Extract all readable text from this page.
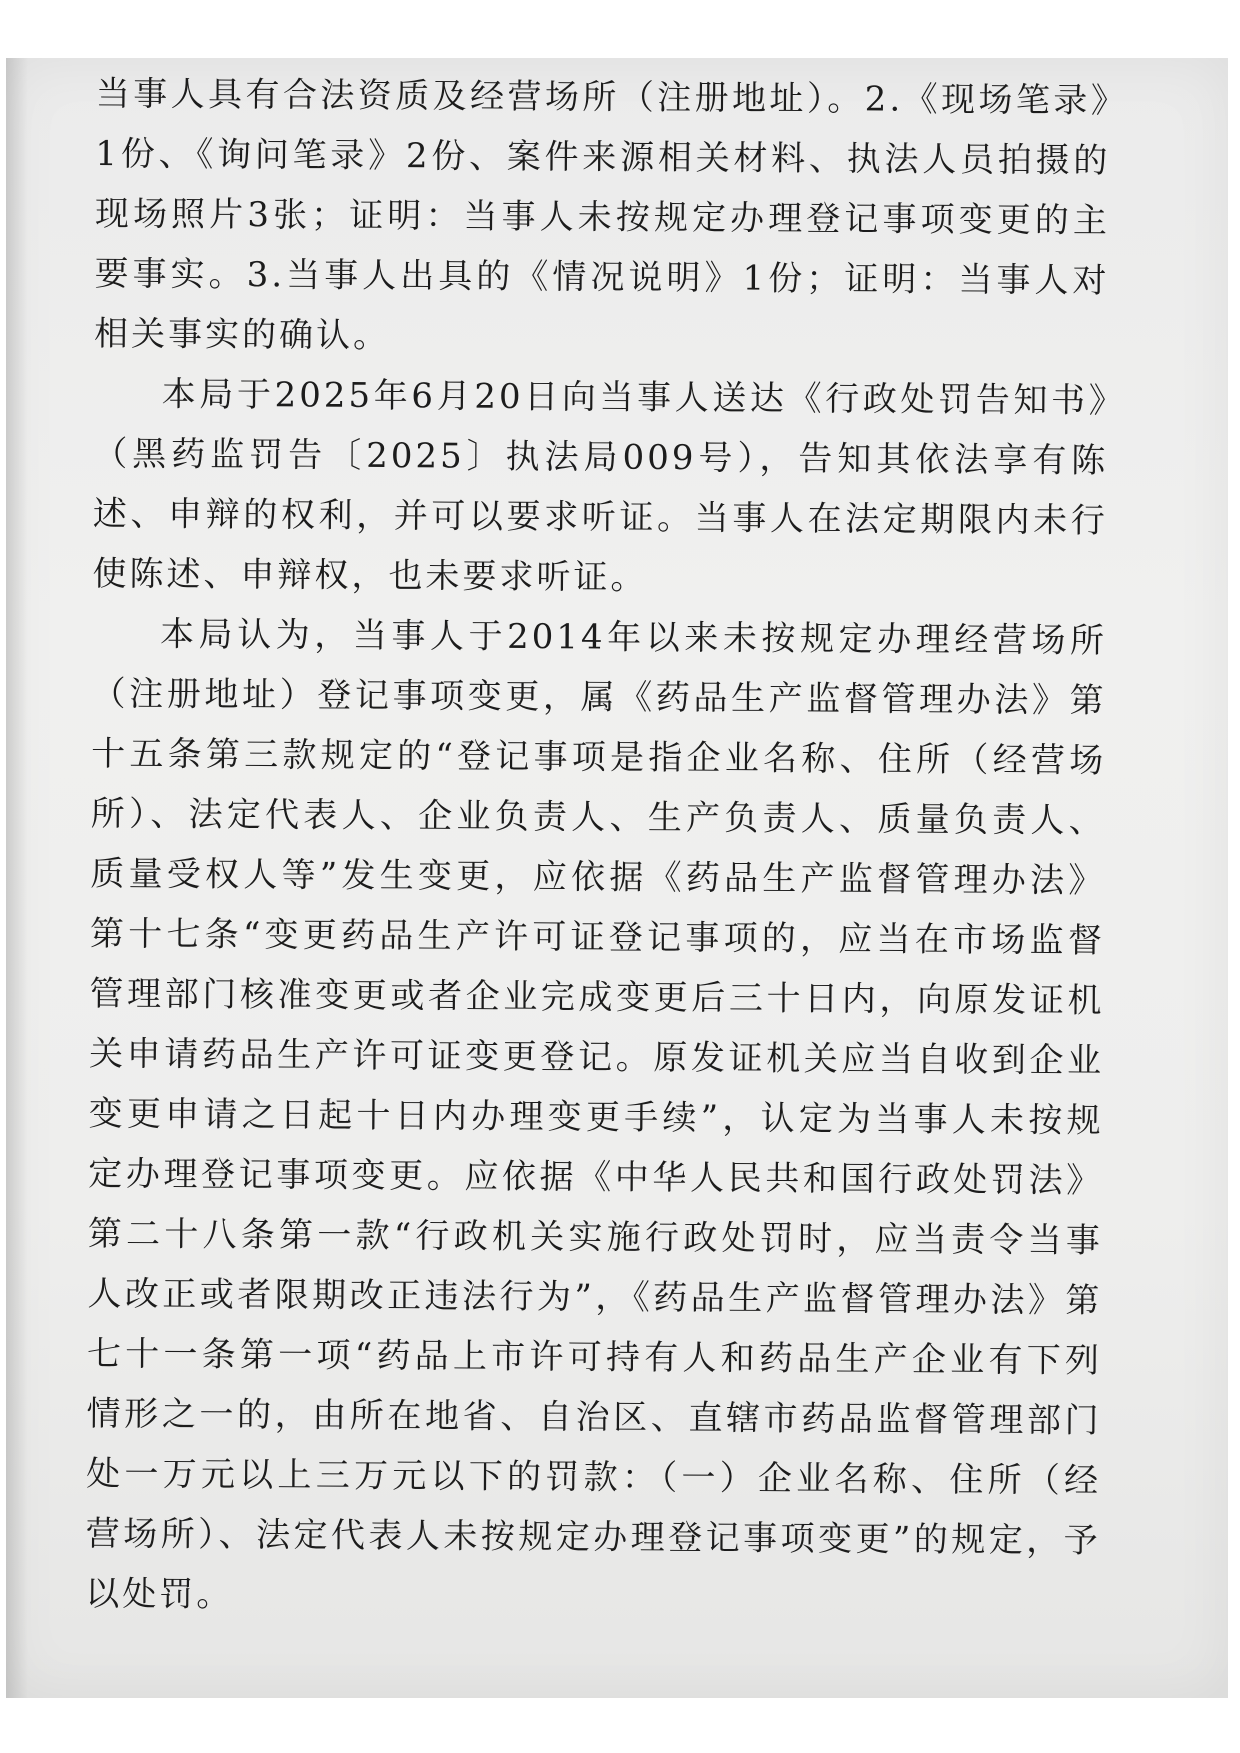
当事人具有合法资质及经营场所（注册地址）。2.《现场笔录》1份、《询问笔录》2份、案件来源相关材料、执法人员拍摄的现场照片3张；证明：当事人未按规定办理登记事项变更的主要事实。3.当事人出具的《情况说明》1份；证明：当事人对相关事实的确认。

本局于2025年6月20日向当事人送达《行政处罚告知书》（黑药监罚告〔2025〕执法局009号），告知其依法享有陈述、申辩的权利，并可以要求听证。当事人在法定期限内未行使陈述、申辩权，也未要求听证。

本局认为，当事人于2014年以来未按规定办理经营场所（注册地址）登记事项变更，属《药品生产监督管理办法》第十五条第三款规定的“登记事项是指企业名称、住所（经营场所）、法定代表人、企业负责人、生产负责人、质量负责人、质量受权人等”发生变更，应依据《药品生产监督管理办法》第十七条“变更药品生产许可证登记事项的，应当在市场监督管理部门核准变更或者企业完成变更后三十日内，向原发证机关申请药品生产许可证变更登记。原发证机关应当自收到企业变更申请之日起十日内办理变更手续”，认定为当事人未按规定办理登记事项变更。应依据《中华人民共和国行政处罚法》第二十八条第一款“行政机关实施行政处罚时，应当责令当事人改正或者限期改正违法行为”，《药品生产监督管理办法》第七十一条第一项“药品上市许可持有人和药品生产企业有下列情形之一的，由所在地省、自治区、直辖市药品监督管理部门处一万元以上三万元以下的罚款：（一）企业名称、住所（经营场所）、法定代表人未按规定办理登记事项变更”的规定，予以处罚。
